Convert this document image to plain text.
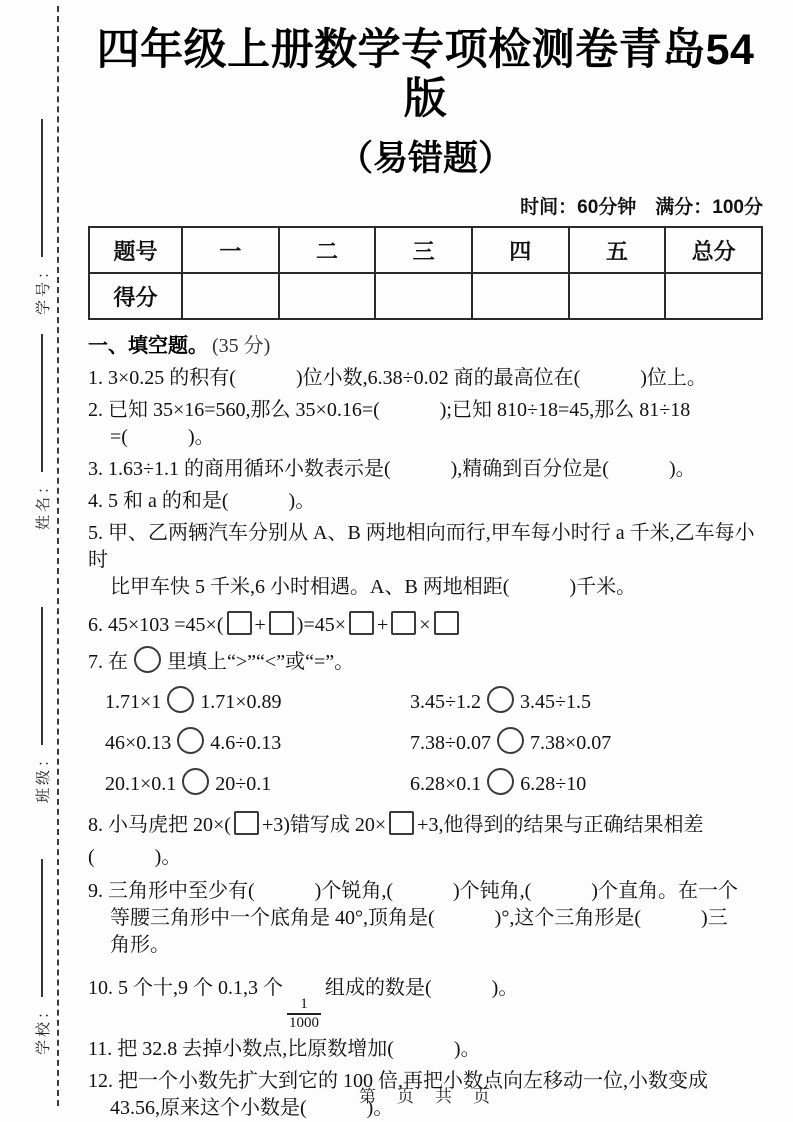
学号：
姓名：
班级：
学校：
四年级上册数学专项检测卷青岛54版
（易错题）
时间：60分钟　满分：100分
题号	一	二	三	四	五	总分
得分						
一、填空题。 (35 分)
1. 3×0.25 的积有(　　　)位小数,6.38÷0.02 商的最高位在(　　　)位上。
2. 已知 35×16=560,那么 35×0.16=(　　　);已知 810÷18=45,那么 81÷18
=(　　　)。
3. 1.63÷1.1 的商用循环小数表示是(　　　),精确到百分位是(　　　)。
4. 5 和 a 的和是(　　　)。
5. 甲、乙两辆汽车分别从 A、B 两地相向而行,甲车每小时行 a 千米,乙车每小时
比甲车快 5 千米,6 小时相遇。A、B 两地相距(　　　)千米。
6. 45×103 =45×( + )=45× + ×
7. 在 里填上“>”“<”或“=”。
1.71×1 1.71×0.89	3.45÷1.2 3.45÷1.5
46×0.13 4.6÷0.13	7.38÷0.07 7.38×0.07
20.1×0.1 20÷0.1	6.28×0.1 6.28÷10
8. 小马虎把 20×( +3)错写成 20× +3,他得到的结果与正确结果相差(　　　)。
9. 三角形中至少有(　　　)个锐角,(　　　)个钝角,(　　　)个直角。在一个
等腰三角形中一个底角是 40°,顶角是(　　　)°,这个三角形是(　　　)三
角形。
10. 5 个十,9 个 0.1,3 个
$\frac{1}{1000}$
组成的数是(　　　)。
11. 把 32.8 去掉小数点,比原数增加(　　　)。
12. 把一个小数先扩大到它的 100 倍,再把小数点向左移动一位,小数变成
43.56,原来这个小数是(　　　)。
第　页　共　页
